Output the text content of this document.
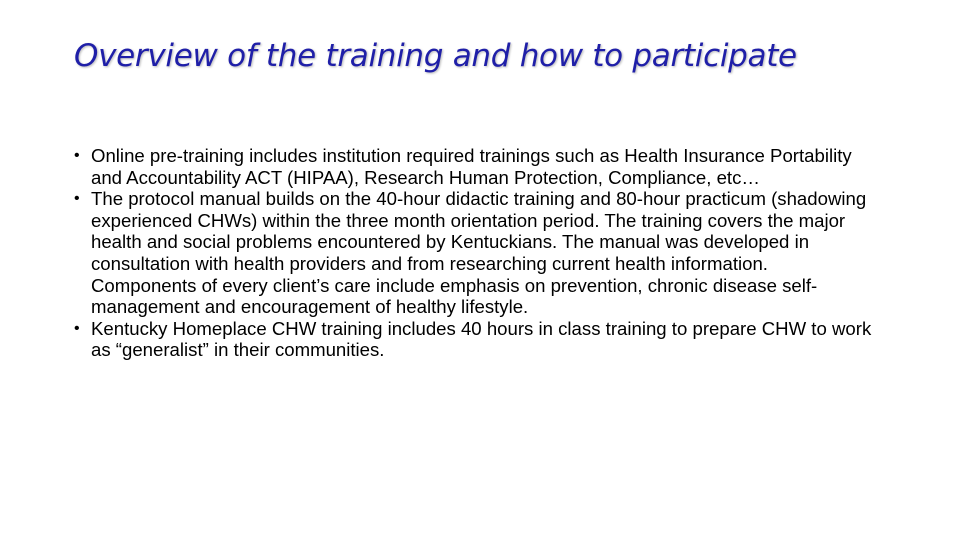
Overview of the training and how to participate
• Online pre-training includes institution required trainings such as Health Insurance Portability and Accountability ACT (HIPAA), Research Human Protection, Compliance, etc…
• The protocol manual builds on the 40‑hour didactic training and 80‑hour practicum (shadowing experienced CHWs) within the three month orientation period. The training covers the major health and social problems encountered by Kentuckians. The manual was developed in consultation with health providers and from researching current health information. Components of every client’s care include emphasis on prevention, chronic disease self-management and encouragement of healthy lifestyle.
• Kentucky Homeplace CHW training includes 40 hours in class training to prepare CHW to work as “generalist” in their communities.
